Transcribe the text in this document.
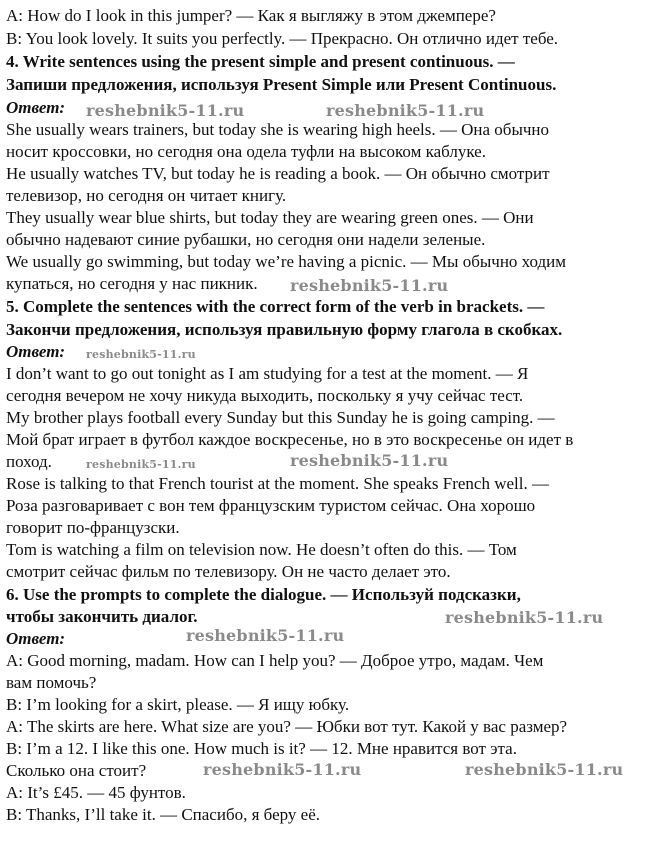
A: How do I look in this jumper? — Как я выгляжу в этом джемпере?
B: You look lovely. It suits you perfectly. — Прекрасно. Он отлично идет тебе.
4. Write sentences using the present simple and present continuous. —
Запиши предложения, используя Present Simple или Present Continuous.
Ответ:
She usually wears trainers, but today she is wearing high heels. — Она обычно
носит кроссовки, но сегодня она одела туфли на высоком каблуке.
He usually watches TV, but today he is reading a book. — Он обычно смотрит
телевизор, но сегодня он читает книгу.
They usually wear blue shirts, but today they are wearing green ones. — Они
обычно надевают синие рубашки, но сегодня они надели зеленые.
We usually go swimming, but today we’re having a picnic. — Мы обычно ходим
купаться, но сегодня у нас пикник.
5. Complete the sentences with the correct form of the verb in brackets. —
Закончи предложения, используя правильную форму глагола в скобках.
Ответ:
I don’t want to go out tonight as I am studying for a test at the moment. — Я
сегодня вечером не хочу никуда выходить, поскольку я учу сейчас тест.
My brother plays football every Sunday but this Sunday he is going camping. —
Мой брат играет в футбол каждое воскресенье, но в это воскресенье он идет в
поход.
Rose is talking to that French tourist at the moment. She speaks French well. —
Роза разговаривает с вон тем французским туристом сейчас. Она хорошо
говорит по-французски.
Tom is watching a film on television now. He doesn’t often do this. — Том
смотрит сейчас фильм по телевизору. Он не часто делает это.
6. Use the prompts to complete the dialogue. — Используй подсказки,
чтобы закончить диалог.
Ответ:
A: Good morning, madam. How can I help you? — Доброе утро, мадам. Чем
вам помочь?
B: I’m looking for a skirt, please. — Я ищу юбку.
A: The skirts are here. What size are you? — Юбки вот тут. Какой у вас размер?
B: I’m a 12. I like this one. How much is it? — 12. Мне нравится вот эта.
Сколько она стоит?
A: It’s £45. — 45 фунтов.
B: Thanks, I’ll take it. — Спасибо, я беру её.
reshebnik5-11.ru	reshebnik5-11.ru
reshebnik5-11.ru
reshebnik5-11.ru
reshebnik5-11.ru	reshebnik5-11.ru
reshebnik5-11.ru
reshebnik5-11.ru
reshebnik5-11.ru	reshebnik5-11.ru
